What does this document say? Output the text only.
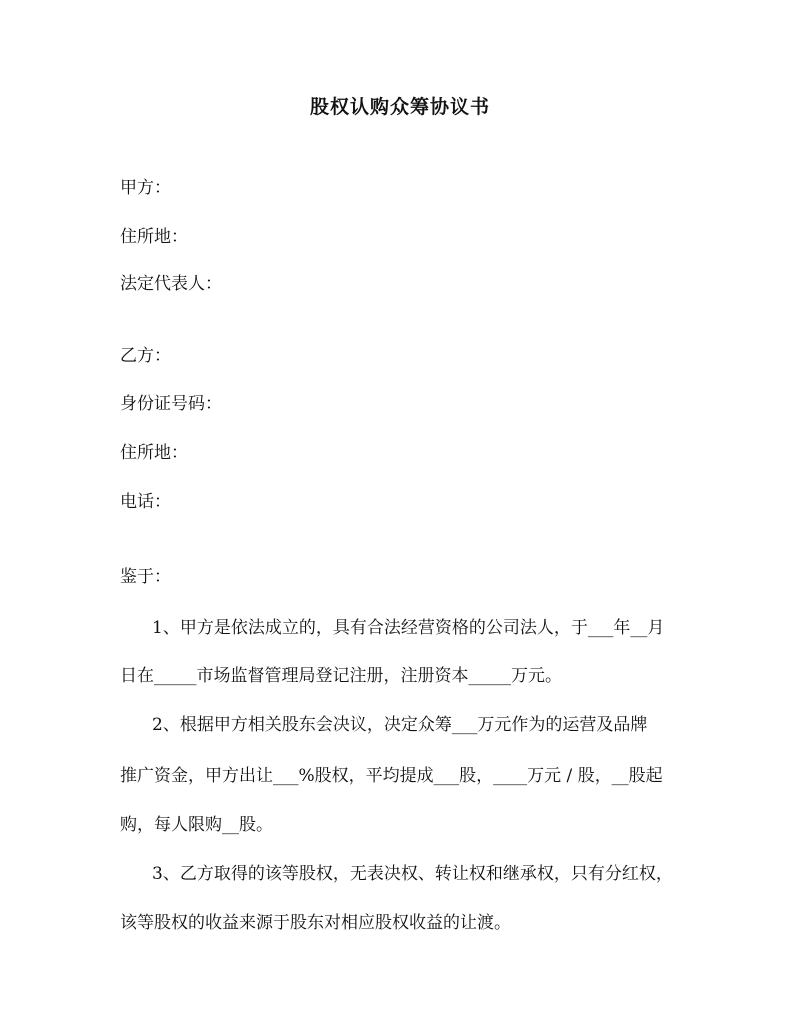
股权认购众筹协议书
甲方：
住所地：
法定代表人：
乙方：
身份证号码：
住所地：
电话：
鉴于：
1、甲方是依法成立的，具有合法经营资格的公司法人，于___年__月
日在_____市场监督管理局登记注册，注册资本_____万元。
2、根据甲方相关股东会决议，决定众筹___万元作为的运营及品牌
推广资金，甲方出让___%股权，平均提成___股，____万元 / 股，__股起
购，每人限购__股。
3、乙方取得的该等股权，无表决权、转让权和继承权，只有分红权，
该等股权的收益来源于股东对相应股权收益的让渡。
